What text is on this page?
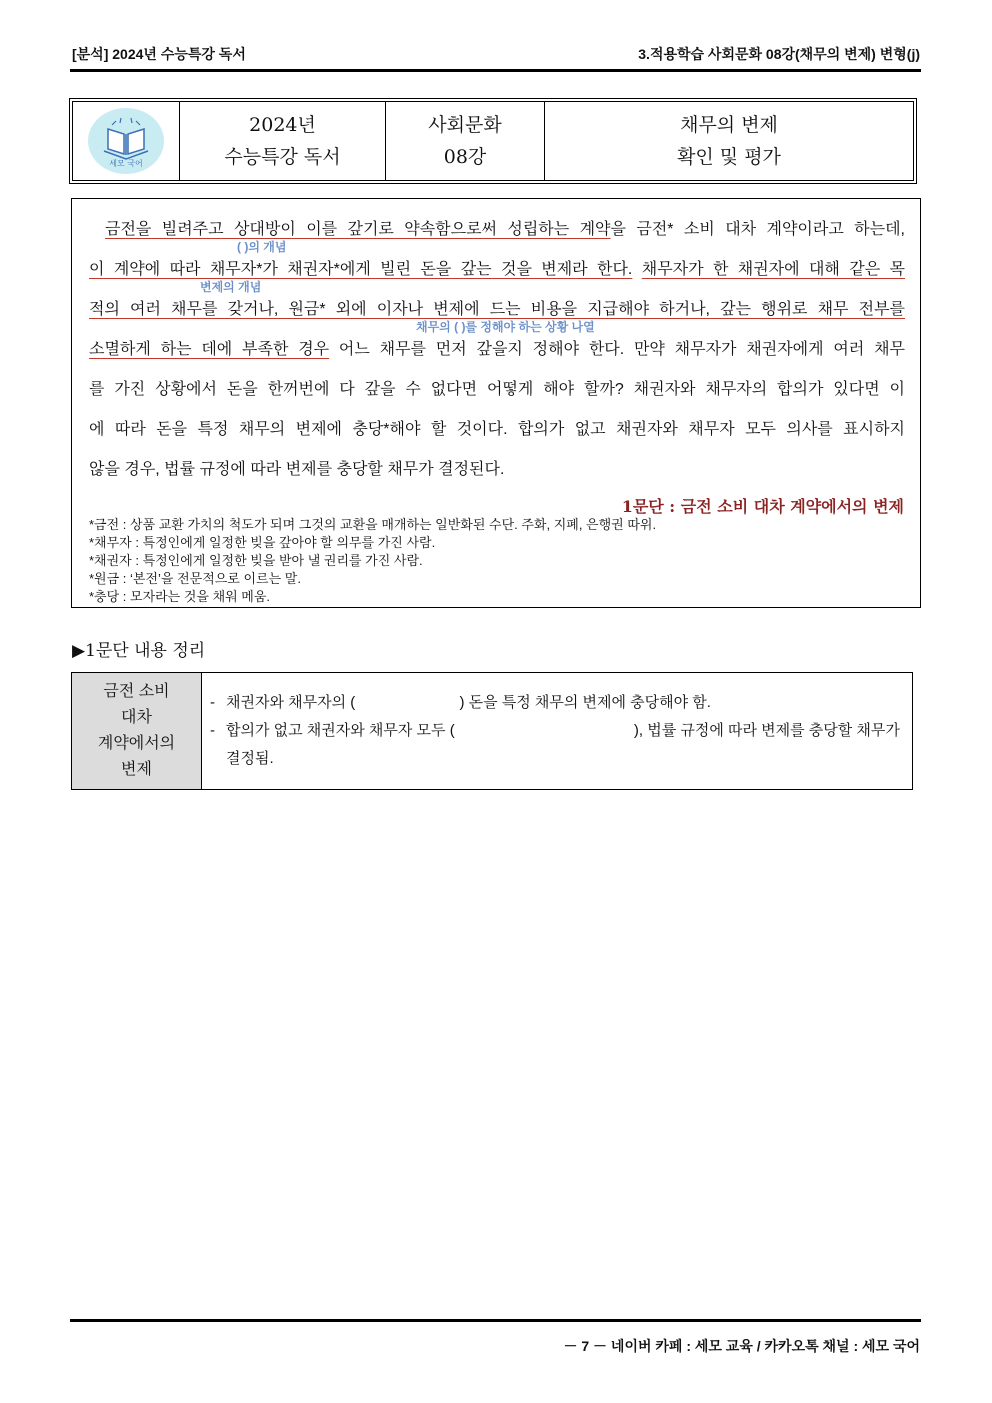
[분석] 2024년 수능특강 독서	3.적용학습 사회문화 08강(채무의 변제) 변형(j)
세모 국어

2024년
수능특강 독서

사회문화
08강

채무의 변제
확인 및 평가
금전을 빌려주고 상대방이 이를 갚기로 약속함으로써 성립하는 계약을 금전* 소비 대차 계약이라고 하는데,
( )의 개념
이 계약에 따라 채무자*가 채권자*에게 빌린 돈을 갚는 것을 변제라 한다. 채무자가 한 채권자에 대해 같은 목
변제의 개념
적의 여러 채무를 갖거나, 원금* 외에 이자나 변제에 드는 비용을 지급해야 하거나, 갚는 행위로 채무 전부를
채무의 ( )를 정해야 하는 상황 나열
소멸하게 하는 데에 부족한 경우 어느 채무를 먼저 갚을지 정해야 한다. 만약 채무자가 채권자에게 여러 채무
를 가진 상황에서 돈을 한꺼번에 다 갚을 수 없다면 어떻게 해야 할까? 채권자와 채무자의 합의가 있다면 이
에 따라 돈을 특정 채무의 변제에 충당*해야 할 것이다. 합의가 없고 채권자와 채무자 모두 의사를 표시하지
않을 경우, 법률 규정에 따라 변제를 충당할 채무가 결정된다.
1문단 : 금전 소비 대차 계약에서의 변제
*금전 : 상품 교환 가치의 척도가 되며 그것의 교환을 매개하는 일반화된 수단. 주화, 지폐, 은행권 따위.
*채무자 : 특정인에게 일정한 빚을 갚아야 할 의무를 가진 사람.
*채권자 : 특정인에게 일정한 빚을 받아 낼 권리를 가진 사람.
*원금 : ‘본전’을 전문적으로 이르는 말.
*충당 : 모자라는 것을 채워 메움.
▶1문단 내용 정리
금전 소비
대차
계약에서의
변제

- 채권자와 채무자의 (                         ) 돈을 특정 채무의 변제에 충당해야 함.
- 합의가 없고 채권자와 채무자 모두 (                                           ), 법률 규정에 따라 변제를 충당할 채무가 결정됨.
－ 7 － 네이버 카페 : 세모 교육 / 카카오톡 채널 : 세모 국어
